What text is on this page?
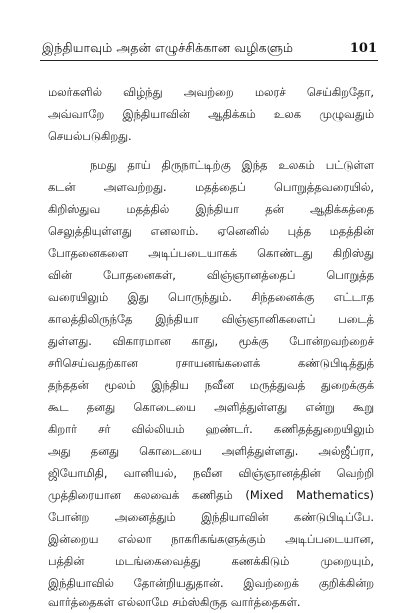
இந்தியாவும் அதன் எழுச்சிக்கான வழிகளும்	101
மலர்களில் விழ்ந்து அவற்றை மலரச் செய்கிறதோ,
அவ்வாறே இந்தியாவின் ஆதிக்கம் உலக முழுவதும்
செயல்படுகிறது.
நமது தாய் திருநாட்டிற்கு இந்த உலகம் பட்டுள்ள
கடன் அளவற்றது. மதத்தைப் பொறுத்தவரையில்,
கிறிஸ்துவ மதத்தில் இந்தியா தன் ஆதிக்கத்தை
செலுத்தியுள்ளது எனலாம். ஏனெனில் புத்த மதத்தின்
போதனைகளை அடிப்படையாகக் கொண்டது கிறிஸ்து
வின் போதனைகள், விஞ்ஞானத்தைப் பொறுத்த
வரையிலும் இது பொருந்தும். சிந்தனைக்கு எட்டாத
காலத்திலிருந்தே இந்தியா விஞ்ஞானிகளைப் படைத்
துள்ளது. விகாரமான காது, மூக்கு போன்றவற்றைச்
சரிசெய்வதற்கான ரசாயனங்களைக் கண்டுபிடித்துத்
தந்ததன் மூலம் இந்திய நவீன மருத்துவத் துறைக்குக்
கூட தனது கொடையை அளித்துள்ளது என்று கூறு
கிறார் சர் வில்லியம் ஹண்டர். கணிதத்துறையிலும்
அது தனது கொடையை அளித்துள்ளது. அல்ஜீப்ரா,
ஜியோமிதி, வானியல், நவீன விஞ்ஞானத்தின் வெற்றி
முத்திரையான கலவைக் கணிதம் (Mixed Mathematics)
போன்ற அனைத்தும் இந்தியாவின் கண்டுபிடிப்பே.
இன்றைய எல்லா நாகரிகங்களுக்கும் அடிப்படையான,
பத்தின் மடங்கைவைத்து கணக்கிடும் முறையும்,
இந்தியாவில் தோன்றியதுதான். இவற்றைக் குறிக்கின்ற
வார்த்தைகள் எல்லாமே சம்ஸ்கிருத வார்த்தைகள்.
